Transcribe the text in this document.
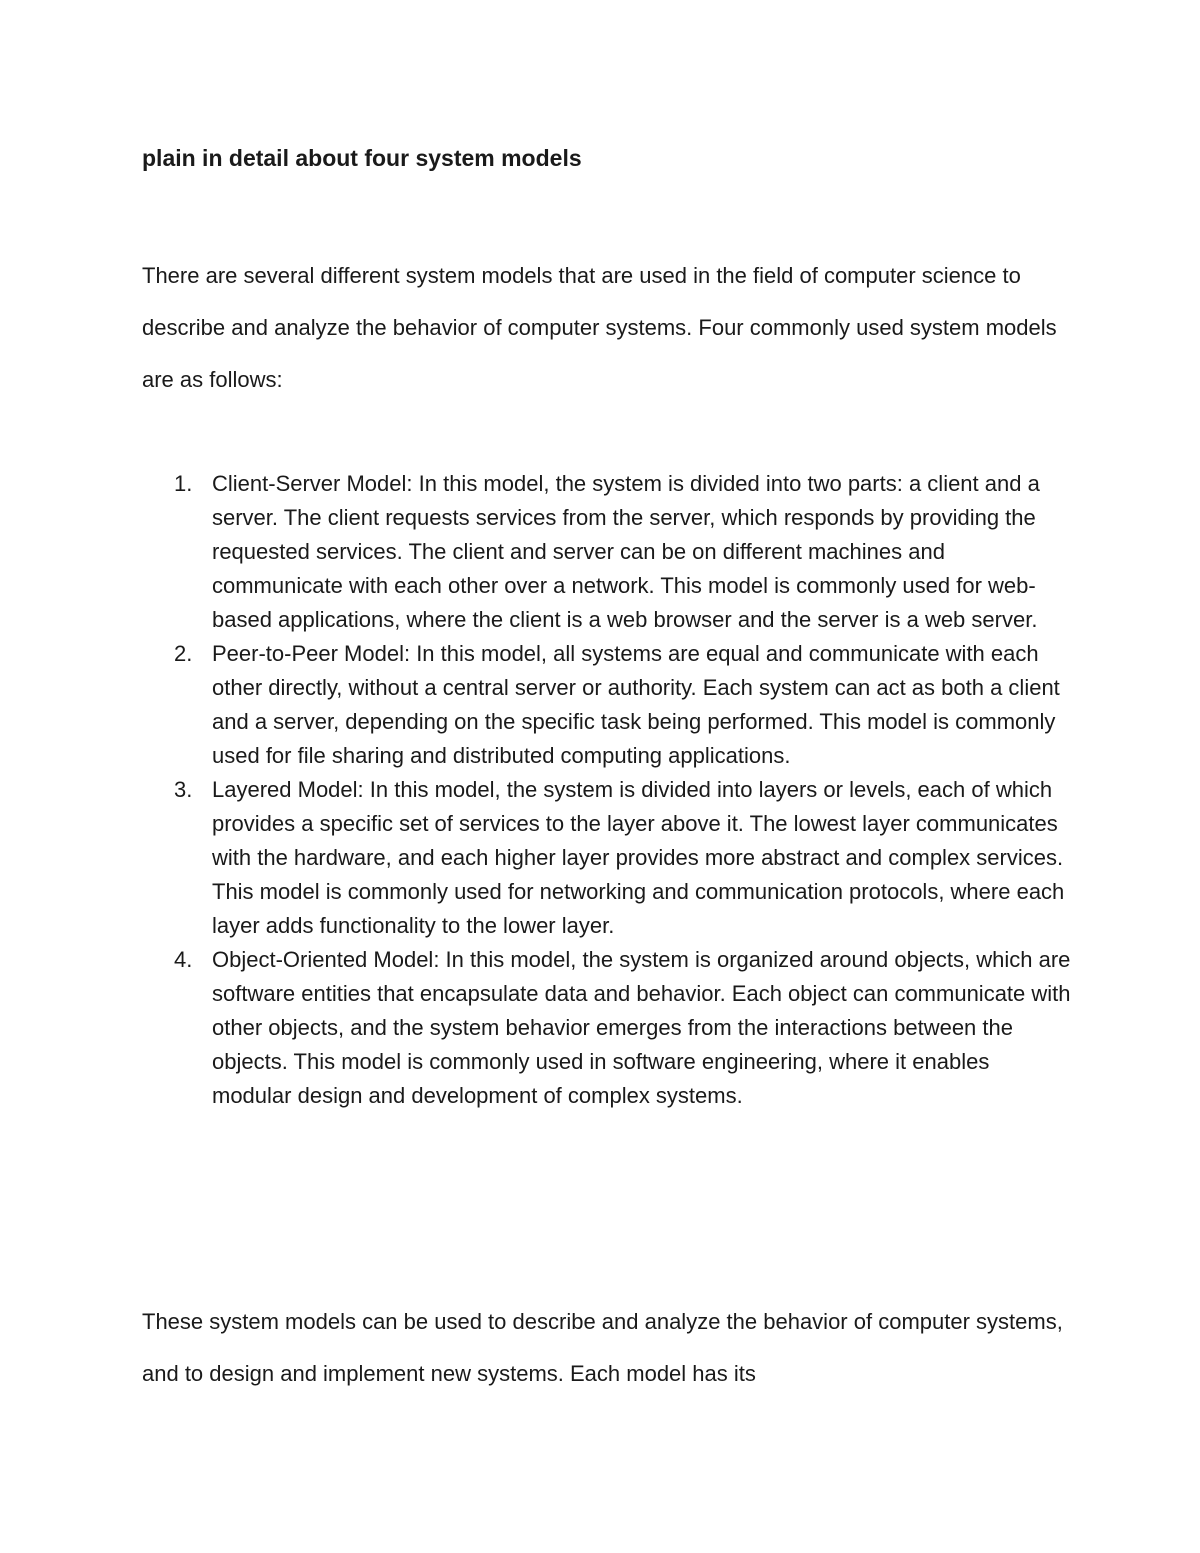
plain in detail about four system models

There are several different system models that are used in the field of computer science to describe and analyze the behavior of computer systems. Four commonly used system models are as follows:

1. Client-Server Model: In this model, the system is divided into two parts: a client and a server. The client requests services from the server, which responds by providing the requested services. The client and server can be on different machines and communicate with each other over a network. This model is commonly used for web-based applications, where the client is a web browser and the server is a web server.
2. Peer-to-Peer Model: In this model, all systems are equal and communicate with each other directly, without a central server or authority. Each system can act as both a client and a server, depending on the specific task being performed. This model is commonly used for file sharing and distributed computing applications.
3. Layered Model: In this model, the system is divided into layers or levels, each of which provides a specific set of services to the layer above it. The lowest layer communicates with the hardware, and each higher layer provides more abstract and complex services. This model is commonly used for networking and communication protocols, where each layer adds functionality to the lower layer.
4. Object-Oriented Model: In this model, the system is organized around objects, which are software entities that encapsulate data and behavior. Each object can communicate with other objects, and the system behavior emerges from the interactions between the objects. This model is commonly used in software engineering, where it enables modular design and development of complex systems.

These system models can be used to describe and analyze the behavior of computer systems, and to design and implement new systems. Each model has its
